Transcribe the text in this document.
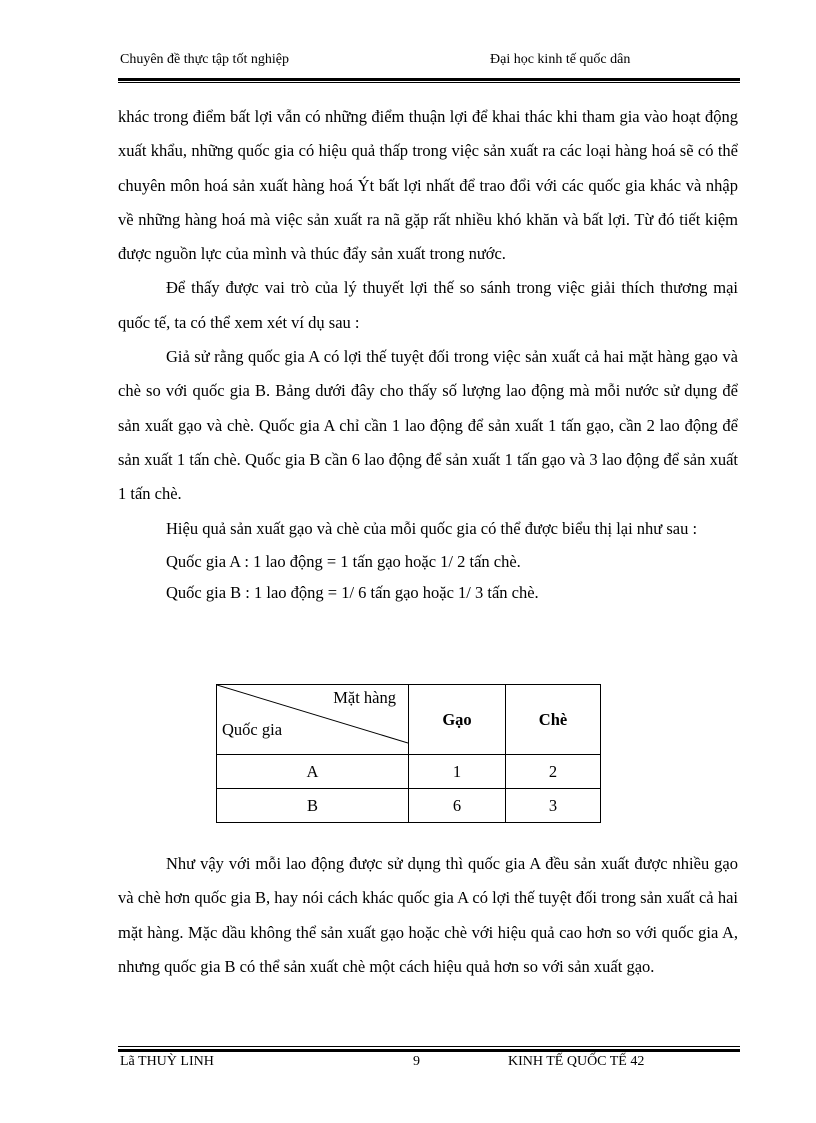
Chuyên đề thực tập tốt nghiệp	Đại học kinh tế quốc dân

khác trong điểm bất lợi vẫn có những điểm thuận lợi để khai thác khi tham gia vào hoạt động xuất khẩu, những quốc gia có hiệu quả thấp trong việc sản xuất ra các loại hàng hoá sẽ có thể chuyên môn hoá sản xuất hàng hoá Ýt bất lợi nhất để trao đổi với các quốc gia khác và nhập về những hàng hoá mà việc sản xuất ra nã gặp rất nhiều khó khăn và bất lợi. Từ đó tiết kiệm được nguồn lực của mình và thúc đẩy sản xuất trong nước.

Để thấy được vai trò của lý thuyết lợi thế so sánh trong việc giải thích thương mại quốc tế, ta có thể xem xét ví dụ sau :

Giả sử rằng quốc gia A có lợi thế tuyệt đối trong việc sản xuất cả hai mặt hàng gạo và chè so với quốc gia B. Bảng dưới đây cho thấy số lượng lao động mà mỗi nước sử dụng để sản xuất gạo và chè. Quốc gia A chỉ cần 1 lao động để sản xuất 1 tấn gạo, cần 2 lao động để sản xuất 1 tấn chè. Quốc gia B cần 6 lao động để sản xuất 1 tấn gạo và 3 lao động để sản xuất 1 tấn chè.

Hiệu quả sản xuất gạo và chè của mỗi quốc gia có thể được biểu thị lại như sau :

Quốc gia A : 1 lao động = 1 tấn gạo hoặc 1/ 2 tấn chè.

Quốc gia B : 1 lao động = 1/ 6 tấn gạo hoặc 1/ 3 tấn chè.

Mặt hàng
Quốc gia	Gạo	Chè
A	1	2
B	6	3

Như vậy với mỗi lao động được sử dụng thì quốc gia A đều sản xuất được nhiều gạo và chè hơn quốc gia B, hay nói cách khác quốc gia A có lợi thế tuyệt đối trong sản xuất cả hai mặt hàng. Mặc dầu không thể sản xuất gạo hoặc chè với hiệu quả cao hơn so với quốc gia A, nhưng quốc gia B có thể sản xuất chè một cách hiệu quả hơn so với sản xuất gạo.

Lã THUỲ LINH	9	KINH TẾ QUỐC TẾ 42
